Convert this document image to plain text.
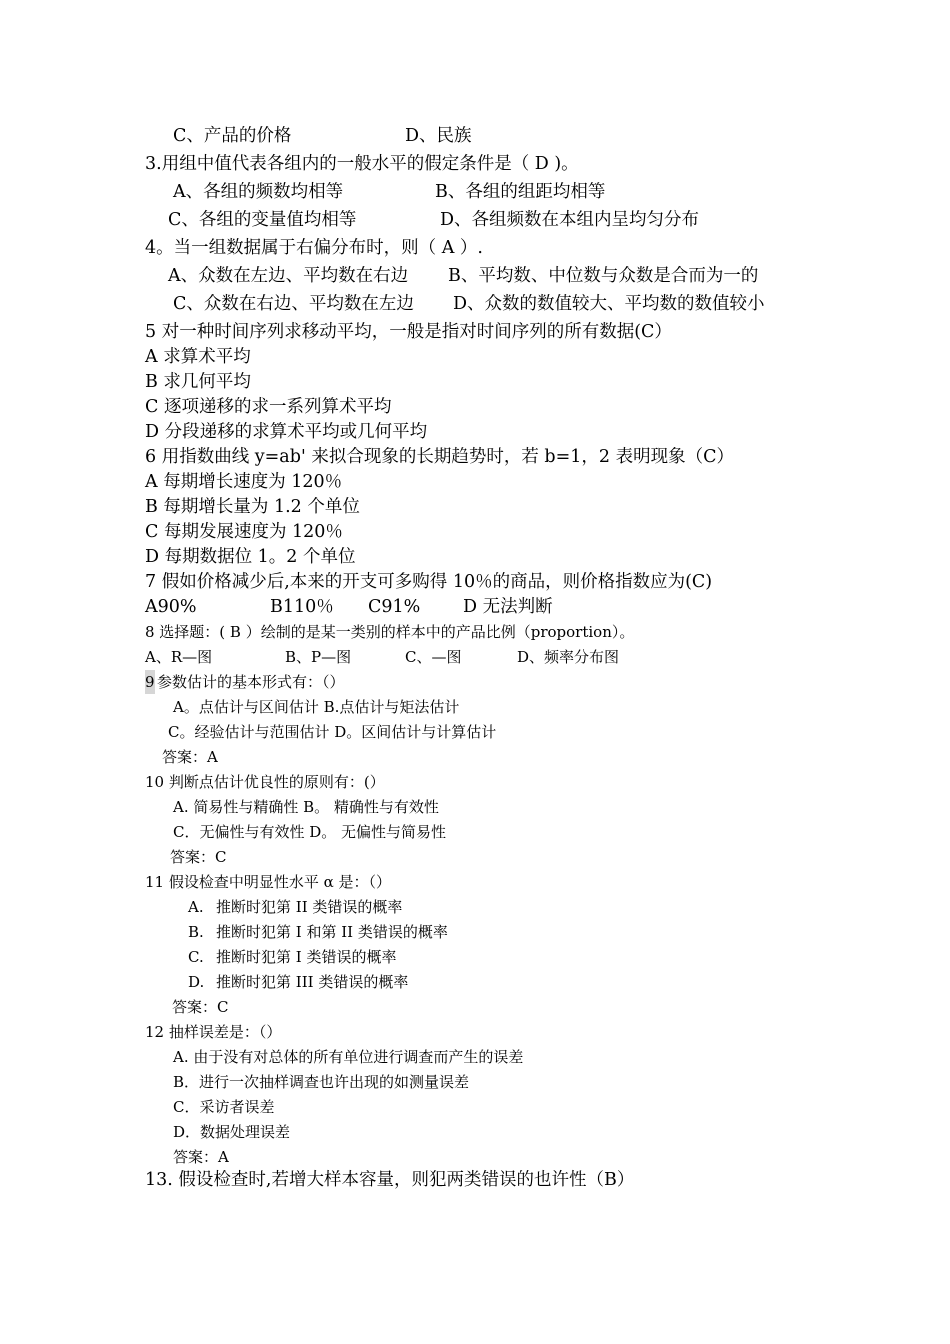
C、产品的价格	D、民族
3.用组中值代表各组内的一般水平的假定条件是（ D )。
A、各组的频数均相等	B、各组的组距均相等
C、各组的变量值均相等	D、各组频数在本组内呈均匀分布
4。当一组数据属于右偏分布时，则（ A ）.
A、众数在左边、平均数在右边 B、平均数、中位数与众数是合而为一的
C、众数在右边、平均数在左边 D、众数的数值较大、平均数的数值较小
5 对一种时间序列求移动平均，一般是指对时间序列的所有数据(C）
A 求算术平均
B 求几何平均
C 逐项递移的求一系列算术平均
D 分段递移的求算术平均或几何平均
6 用指数曲线 y=ab' 来拟合现象的长期趋势时，若 b=1，2 表明现象（C）
A 每期增长速度为 120％
B 每期增长量为 1.2 个单位
C 每期发展速度为 120％
D 每期数据位 1。2 个单位
7 假如价格减少后,本来的开支可多购得 10％的商品，则价格指数应为(C)
A90%	B110％ C91% D 无法判断
8 选择题：( B ）绘制的是某一类别的样本中的产品比例（proportion）。
A、R—图	B、P—图	C、—图	D、频率分布图
9 参数估计的基本形式有：（）
A。点估计与区间估计 B.点估计与矩法估计
C。经验估计与范围估计 D。区间估计与计算估计
答案：A
10 判断点估计优良性的原则有：(）
A. 简易性与精确性 B。 精确性与有效性
C．无偏性与有效性 D。 无偏性与简易性
答案：C
11 假设检查中明显性水平 α 是：（）
A. 推断时犯第 II 类错误的概率
B. 推断时犯第 I 和第 II 类错误的概率
C. 推断时犯第 I 类错误的概率
D. 推断时犯第 III 类错误的概率
答案：C
12 抽样误差是：（）
A. 由于没有对总体的所有单位进行调查而产生的误差
B．进行一次抽样调查也许出现的如测量误差
C．采访者误差
D．数据处理误差
答案：A
13. 假设检查时,若增大样本容量，则犯两类错误的也许性（B）
